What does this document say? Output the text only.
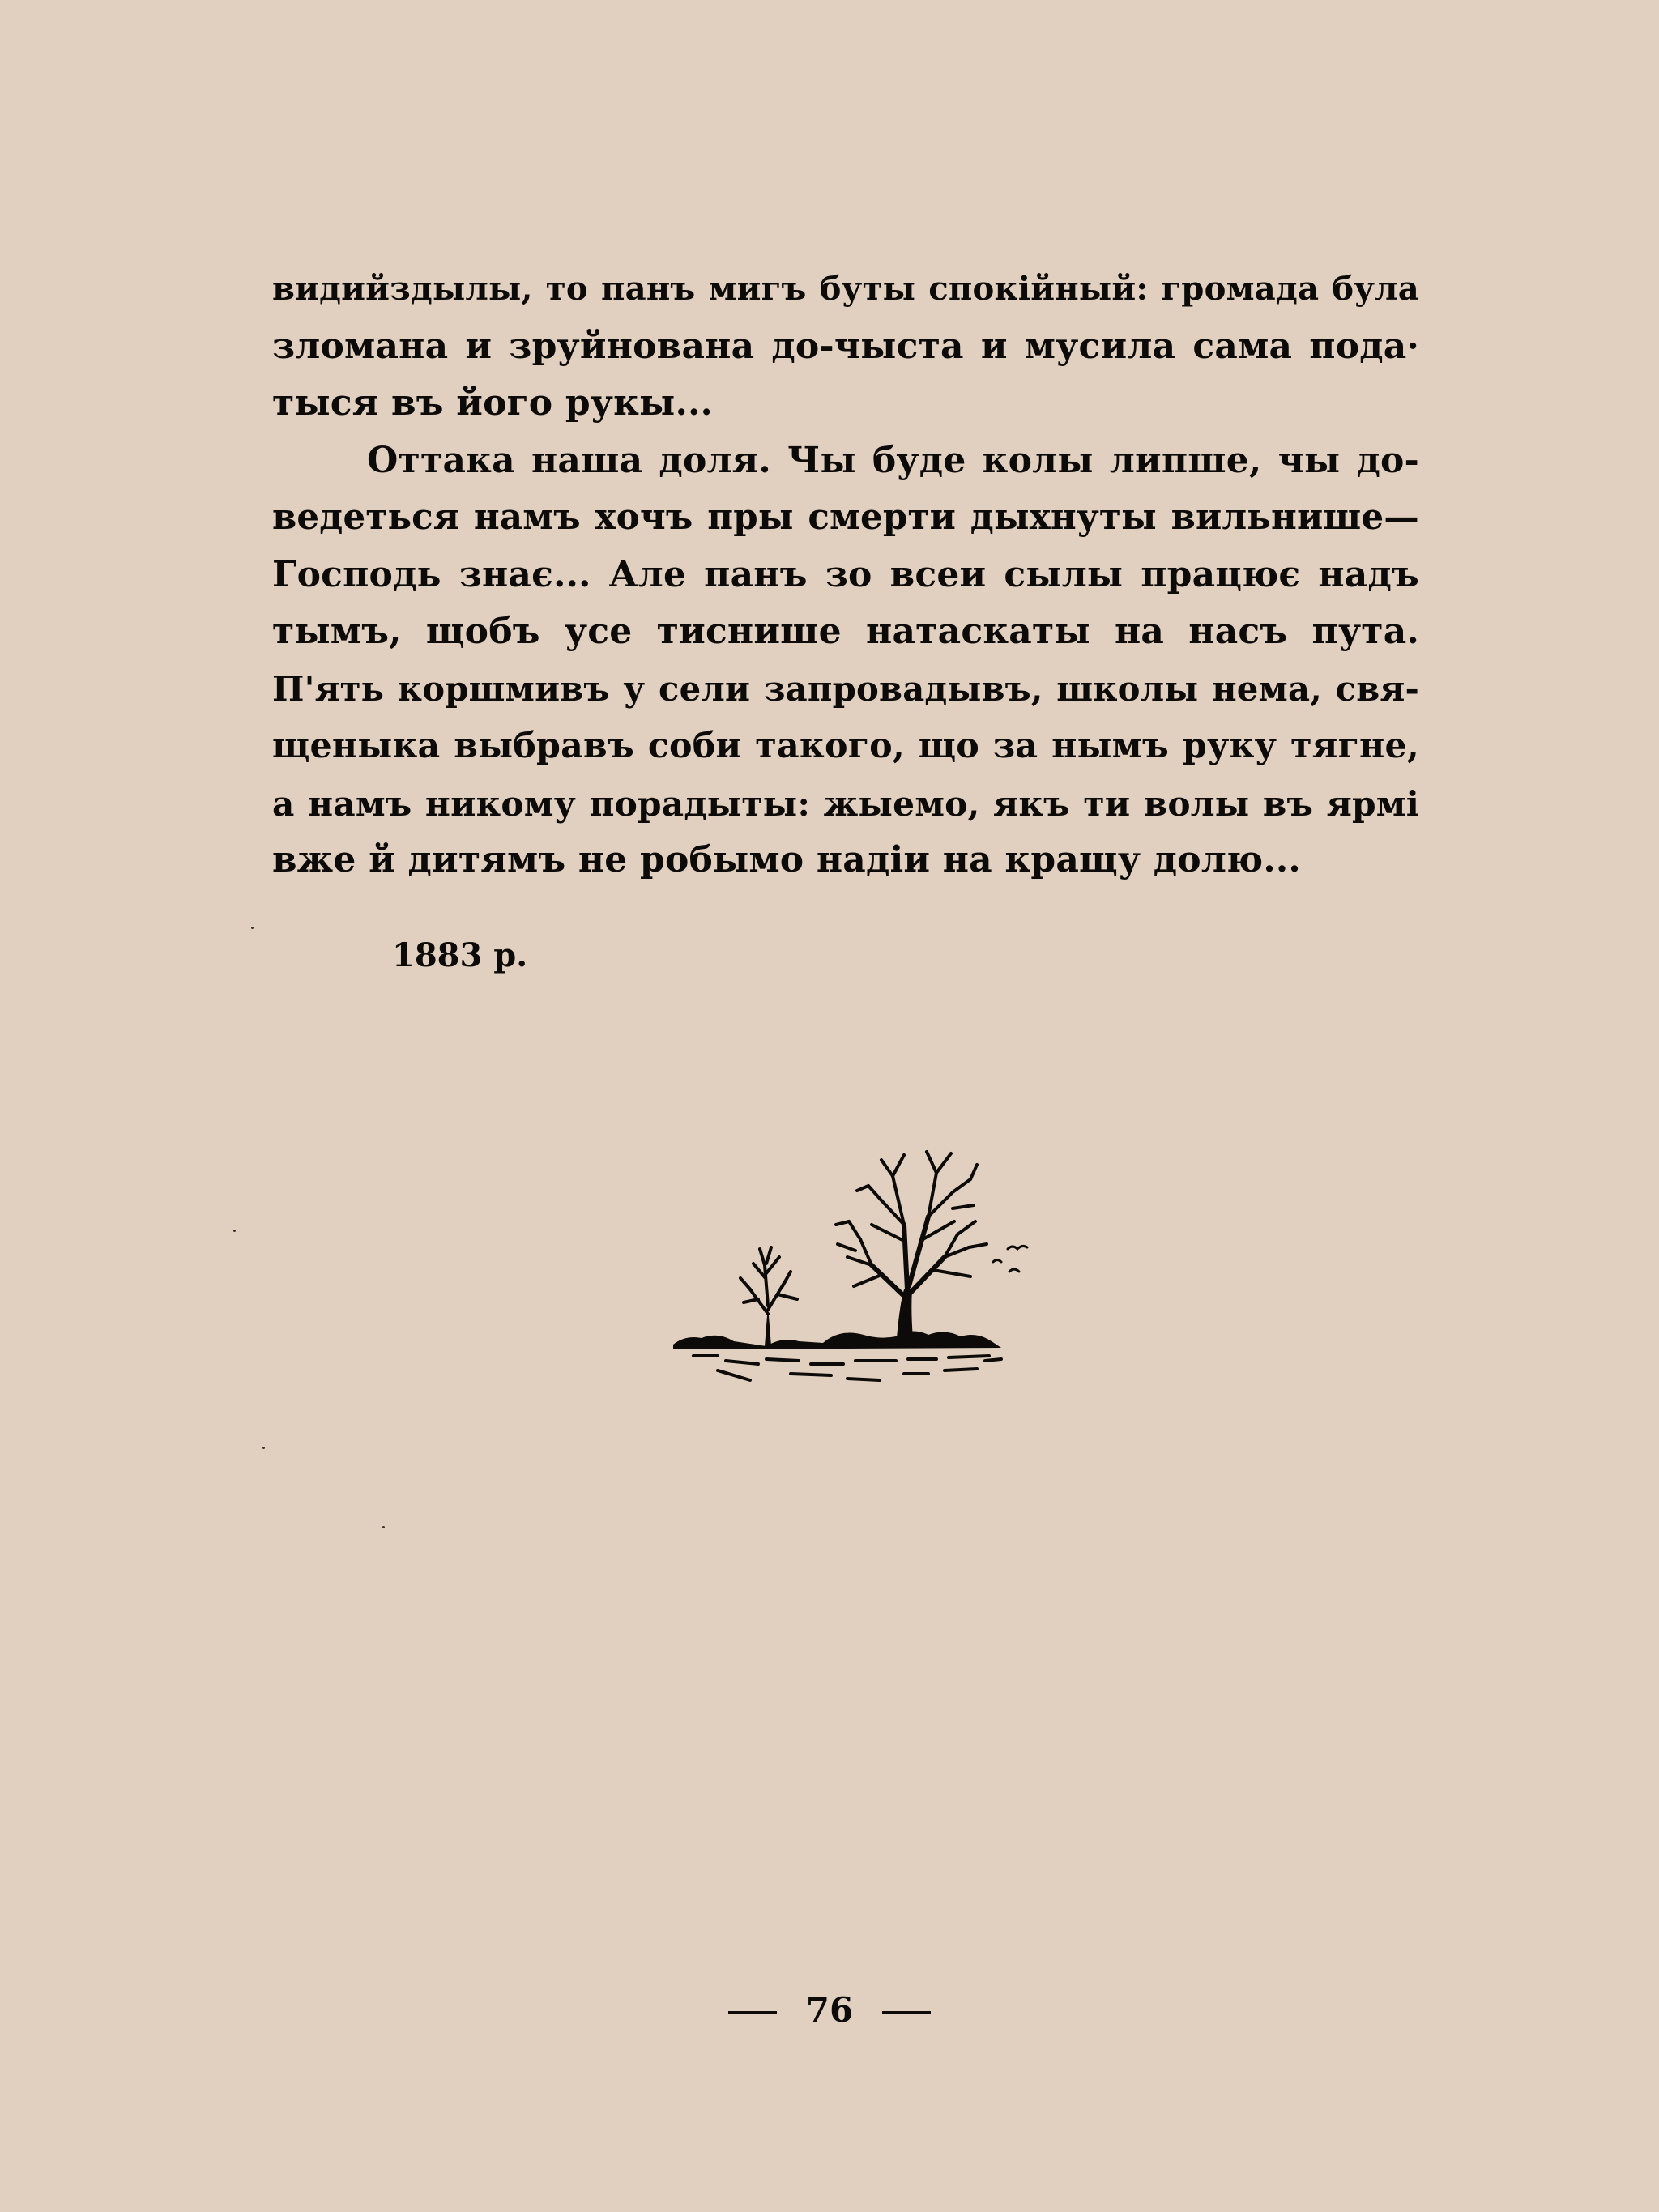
видийздылы, то панъ мигъ буты спокійный: громада була
зломана и зруйнована до-чыста и мусила сама пода·
тыся въ його рукы...
Оттака наша доля. Чы буде колы липше, чы до-
ведеться намъ хочъ пры смерти дыхнуты вильнише—
Господь знає... Але панъ зо всеи сылы працює надъ
тымъ, щобъ усе тиснише натаскаты на насъ пута.
П'ять коршмивъ у сели запровадывъ, школы нема, свя-
щеныка выбравъ соби такого, що за нымъ руку тягне,
а намъ никому порадыты: жыемо, якъ ти волы въ ярмі
вже й дитямъ не робымо надіи на кращу долю...
1883 р.
76
